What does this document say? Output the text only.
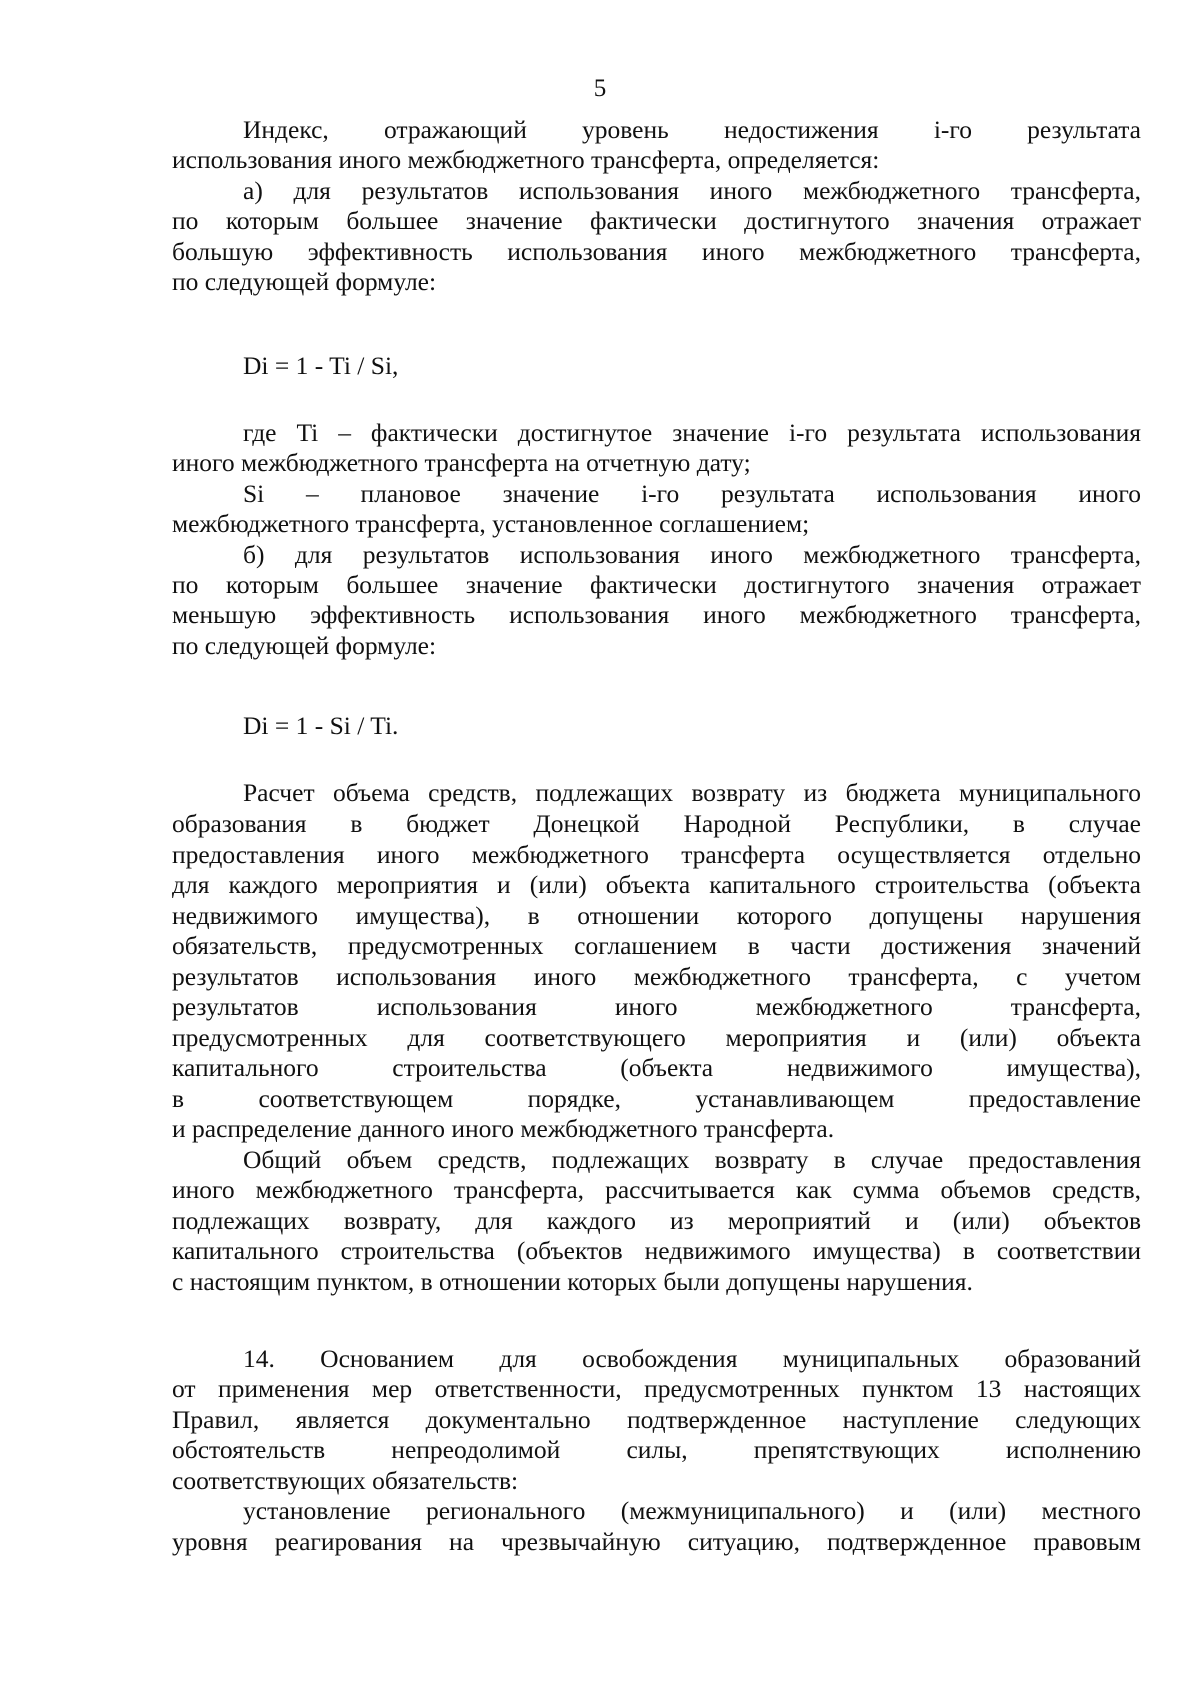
5
Индекс, отражающий уровень недостижения i-го результата
использования иного межбюджетного трансферта, определяется:
а) для результатов использования иного межбюджетного трансферта,
по которым большее значение фактически достигнутого значения отражает
большую эффективность использования иного межбюджетного трансферта,
по следующей формуле:
Di = 1 - Ti / Si,
где Ti – фактически достигнутое значение i-го результата использования
иного межбюджетного трансферта на отчетную дату;
Si – плановое значение i-го результата использования иного
межбюджетного трансферта, установленное соглашением;
б) для результатов использования иного межбюджетного трансферта,
по которым большее значение фактически достигнутого значения отражает
меньшую эффективность использования иного межбюджетного трансферта,
по следующей формуле:
Di = 1 - Si / Ti.
Расчет объема средств, подлежащих возврату из бюджета муниципального
образования в бюджет Донецкой Народной Республики, в случае
предоставления иного межбюджетного трансферта осуществляется отдельно
для каждого мероприятия и (или) объекта капитального строительства (объекта
недвижимого имущества), в отношении которого допущены нарушения
обязательств, предусмотренных соглашением в части достижения значений
результатов использования иного межбюджетного трансферта, с учетом
результатов использования иного межбюджетного трансферта,
предусмотренных для соответствующего мероприятия и (или) объекта
капитального строительства (объекта недвижимого имущества),
в соответствующем порядке, устанавливающем предоставление
и распределение данного иного межбюджетного трансферта.
Общий объем средств, подлежащих возврату в случае предоставления
иного межбюджетного трансферта, рассчитывается как сумма объемов средств,
подлежащих возврату, для каждого из мероприятий и (или) объектов
капитального строительства (объектов недвижимого имущества) в соответствии
с настоящим пунктом, в отношении которых были допущены нарушения.
14. Основанием для освобождения муниципальных образований
от применения мер ответственности, предусмотренных пунктом 13 настоящих
Правил, является документально подтвержденное наступление следующих
обстоятельств непреодолимой силы, препятствующих исполнению
соответствующих обязательств:
установление регионального (межмуниципального) и (или) местного
уровня реагирования на чрезвычайную ситуацию, подтвержденное правовым
